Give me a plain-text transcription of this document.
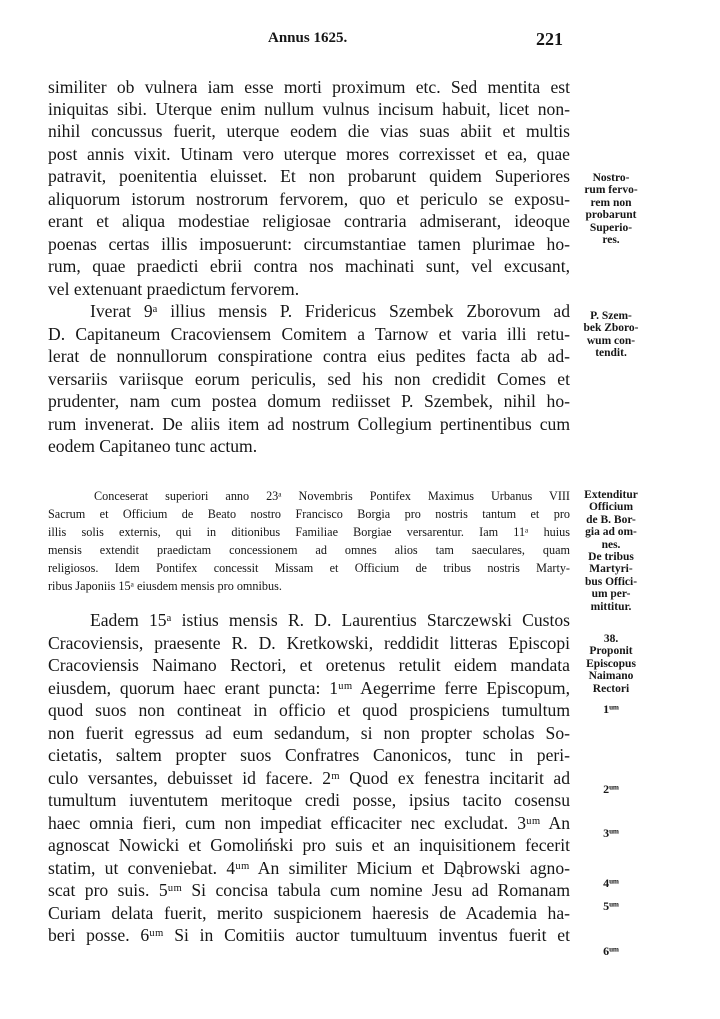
Annus 1625.	221
similiter ob vulnera iam esse morti proximum etc. Sed mentita est
iniquitas sibi. Uterque enim nullum vulnus incisum habuit, licet non-
nihil concussus fuerit, uterque eodem die vias suas abiit et multis
post annis vixit. Utinam vero uterque mores correxisset et ea, quae
patravit, poenitentia eluisset. Et non probarunt quidem Superiores
aliquorum istorum nostrorum fervorem, quo et periculo se exposu-
erant et aliqua modestiae religiosae contraria admiserant, ideoque
poenas certas illis imposuerunt: circumstantiae tamen plurimae ho-
rum, quae praedicti ebrii contra nos machinati sunt, vel excusant,
vel extenuant praedictum fervorem.
Iverat 9ᵃ illius mensis P. Fridericus Szembek Zborovum ad
D. Capitaneum Cracoviensem Comitem a Tarnow et varia illi retu-
lerat de nonnullorum conspiratione contra eius pedites facta ab ad-
versariis variisque eorum periculis, sed his non credidit Comes et
prudenter, nam cum postea domum rediisset P. Szembek, nihil ho-
rum invenerat. De aliis item ad nostrum Collegium pertinentibus cum
eodem Capitaneo tunc actum.
Conceserat superiori anno 23ᵃ Novembris Pontifex Maximus Urbanus VIII
Sacrum et Officium de Beato nostro Francisco Borgia pro nostris tantum et pro
illis solis externis, qui in ditionibus Familiae Borgiae versarentur. Iam 11ᵃ huius
mensis extendit praedictam concessionem ad omnes alios tam saeculares, quam
religiosos. Idem Pontifex concessit Missam et Officium de tribus nostris Marty-
ribus Japoniis 15ᵃ eiusdem mensis pro omnibus.
Eadem 15ᵃ istius mensis R. D. Laurentius Starczewski Custos
Cracoviensis, praesente R. D. Kretkowski, reddidit litteras Episcopi
Cracoviensis Naimano Rectori, et oretenus retulit eidem mandata
eiusdem, quorum haec erant puncta: 1ᵘᵐ Aegerrime ferre Episcopum,
quod suos non contineat in officio et quod prospiciens tumultum
non fuerit egressus ad eum sedandum, si non propter scholas So-
cietatis, saltem propter suos Confratres Canonicos, tunc in peri-
culo versantes, debuisset id facere. 2ᵐ Quod ex fenestra incitarit ad
tumultum iuventutem meritoque credi posse, ipsius tacito cosensu
haec omnia fieri, cum non impediat efficaciter nec excludat. 3ᵘᵐ An
agnoscat Nowicki et Gomoliński pro suis et an inquisitionem fecerit
statim, ut conveniebat. 4ᵘᵐ An similiter Micium et Dąbrowski agno-
scat pro suis. 5ᵘᵐ Si concisa tabula cum nomine Jesu ad Romanam
Curiam delata fuerit, merito suspicionem haeresis de Academia ha-
beri posse. 6ᵘᵐ Si in Comitiis auctor tumultuum inventus fuerit et
Nostro-
rum fervo-
rem non
probarunt
Superio-
res.
P. Szem-
bek Zboro-
wum con-
tendit.
Extenditur
Officium
de B. Bor-
gia ad om-
nes.
De tribus
Martyri-
bus Offici-
um per-
mittitur.
38.
Proponit
Episcopus
Naimano
Rectori
1ᵘᵐ
2ᵘᵐ
3ᵘᵐ
4ᵘᵐ
5ᵘᵐ
6ᵘᵐ
